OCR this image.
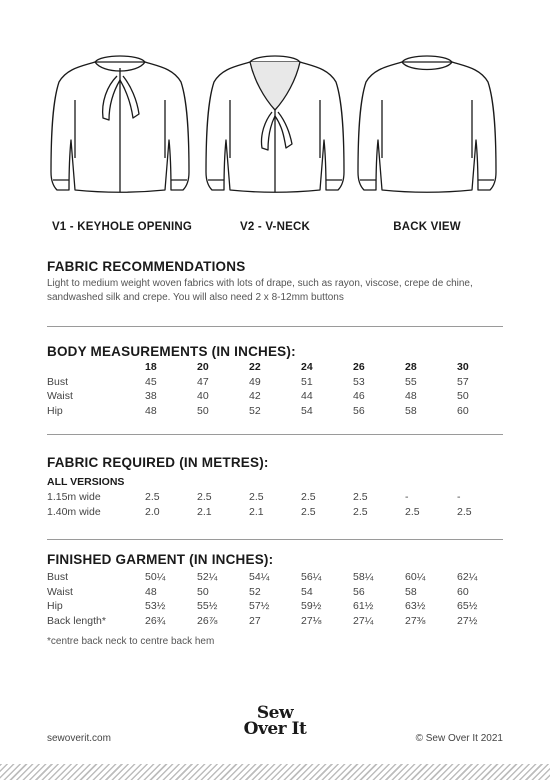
V1 - KEYHOLE OPENING	V2 - V-NECK	BACK VIEW
FABRIC RECOMMENDATIONS
Light to medium weight woven fabrics with lots of drape, such as rayon, viscose, crepe de chine, sandwashed silk and crepe. You will also need 2 x 8-12mm buttons
BODY MEASUREMENTS (IN INCHES):
	18	20	22	24	26	28	30
Bust	45	47	49	51	53	55	57
Waist	38	40	42	44	46	48	50
Hip	48	50	52	54	56	58	60
FABRIC REQUIRED (IN METRES):
ALL VERSIONS
1.15m wide	2.5	2.5	2.5	2.5	2.5	-	-
1.40m wide	2.0	2.1	2.1	2.5	2.5	2.5	2.5
FINISHED GARMENT (IN INCHES):
Bust	50¼	52¼	54¼	56¼	58¼	60¼	62¼
Waist	48	50	52	54	56	58	60
Hip	53½	55½	57½	59½	61½	63½	65½
Back length*	26¾	26⅞	27	27⅛	27¼	27⅜	27½
*centre back neck to centre back hem
sewoverit.com
Sew
Over It	© Sew Over It 2021
